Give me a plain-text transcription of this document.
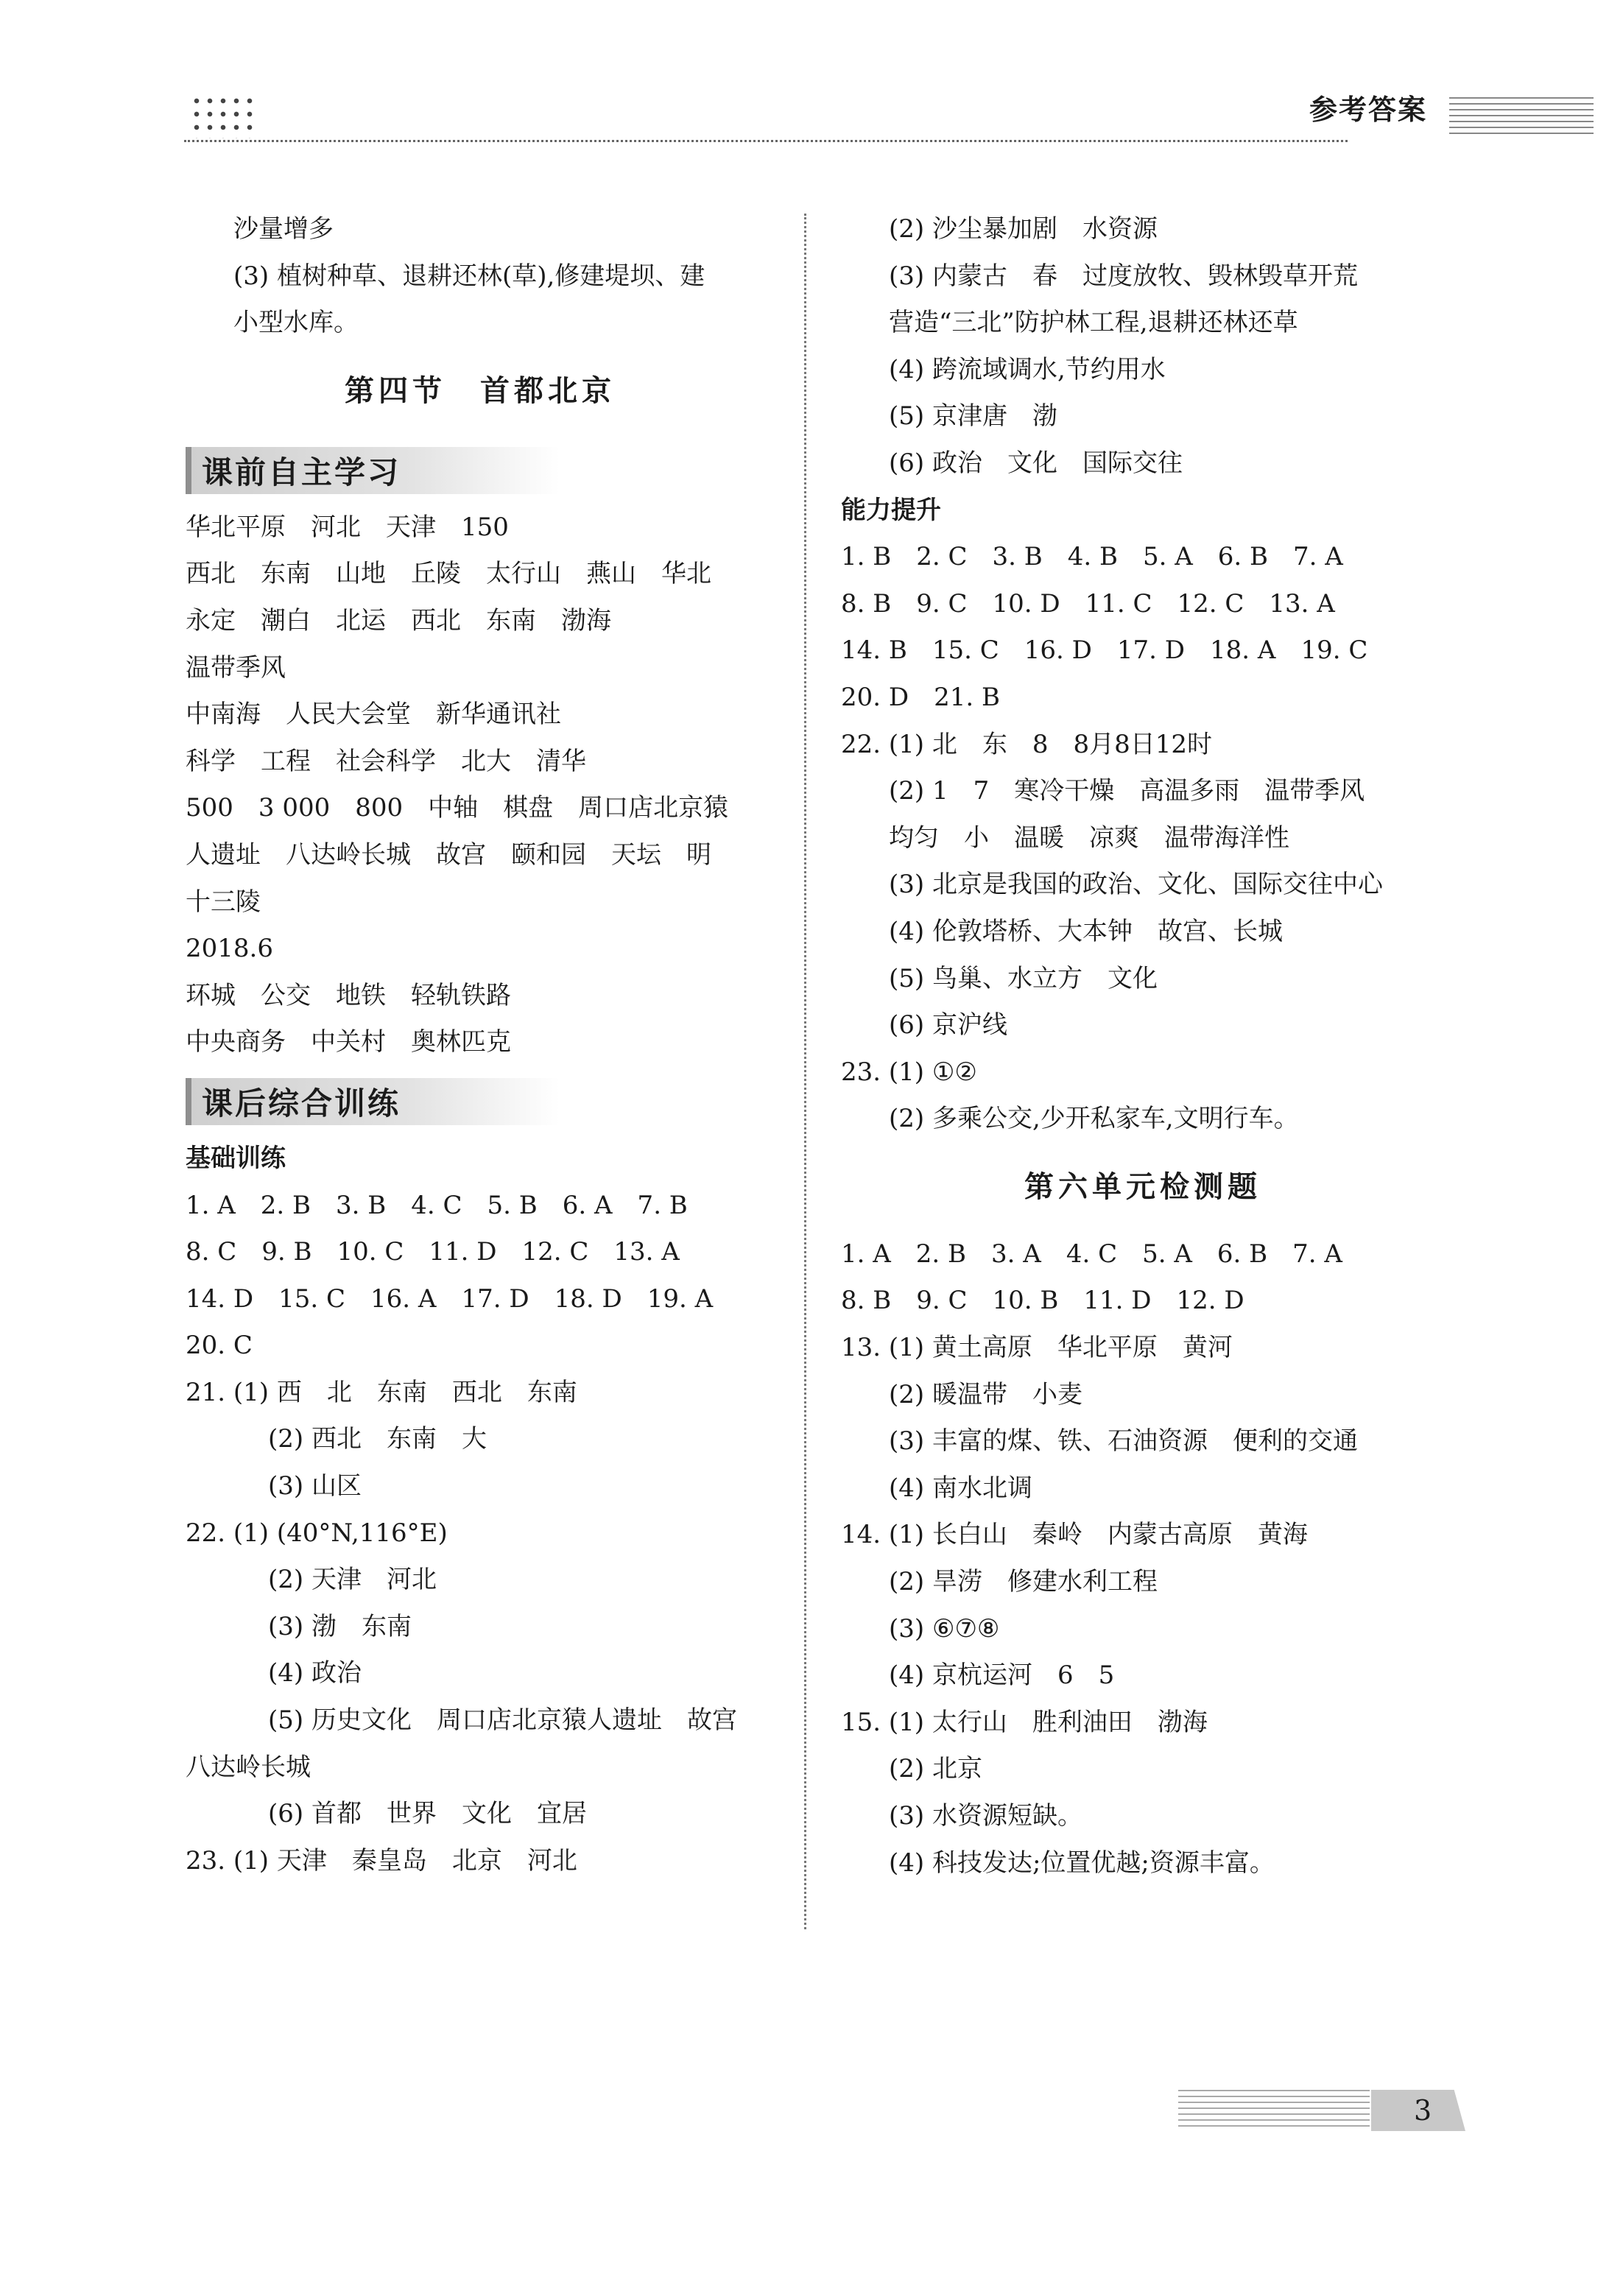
参考答案
沙量增多
(3) 植树种草、退耕还林(草),修建堤坝、建
小型水库。
第四节　首都北京
课前自主学习
华北平原　河北　天津　150
西北　东南　山地　丘陵　太行山　燕山　华北
永定　潮白　北运　西北　东南　渤海
温带季风
中南海　人民大会堂　新华通讯社
科学　工程　社会科学　北大　清华
500　3 000　800　中轴　棋盘　周口店北京猿
人遗址　八达岭长城　故宫　颐和园　天坛　明
十三陵
2018.6
环城　公交　地铁　轻轨铁路
中央商务　中关村　奥林匹克
课后综合训练
基础训练
1. A　2. B　3. B　4. C　5. B　6. A　7. B
8. C　9. B　10. C　11. D　12. C　13. A
14. D　15. C　16. A　17. D　18. D　19. A
20. C
21. (1) 西　北　东南　西北　东南
(2) 西北　东南　大
(3) 山区
22. (1) (40°N,116°E)
(2) 天津　河北
(3) 渤　东南
(4) 政治
(5) 历史文化　周口店北京猿人遗址　故宫
八达岭长城
(6) 首都　世界　文化　宜居
23. (1) 天津　秦皇岛　北京　河北
(2) 沙尘暴加剧　水资源
(3) 内蒙古　春　过度放牧、毁林毁草开荒
营造“三北”防护林工程,退耕还林还草
(4) 跨流域调水,节约用水
(5) 京津唐　渤
(6) 政治　文化　国际交往
能力提升
1. B　2. C　3. B　4. B　5. A　6. B　7. A
8. B　9. C　10. D　11. C　12. C　13. A
14. B　15. C　16. D　17. D　18. A　19. C
20. D　21. B
22. (1) 北　东　8　8月8日12时
(2) 1　7　寒冷干燥　高温多雨　温带季风
均匀　小　温暖　凉爽　温带海洋性
(3) 北京是我国的政治、文化、国际交往中心
(4) 伦敦塔桥、大本钟　故宫、长城
(5) 鸟巢、水立方　文化
(6) 京沪线
23. (1) ①②
(2) 多乘公交,少开私家车,文明行车。
第六单元检测题
1. A　2. B　3. A　4. C　5. A　6. B　7. A
8. B　9. C　10. B　11. D　12. D
13. (1) 黄土高原　华北平原　黄河
(2) 暖温带　小麦
(3) 丰富的煤、铁、石油资源　便利的交通
(4) 南水北调
14. (1) 长白山　秦岭　内蒙古高原　黄海
(2) 旱涝　修建水利工程
(3) ⑥⑦⑧
(4) 京杭运河　6　5
15. (1) 太行山　胜利油田　渤海
(2) 北京
(3) 水资源短缺。
(4) 科技发达;位置优越;资源丰富。
3
